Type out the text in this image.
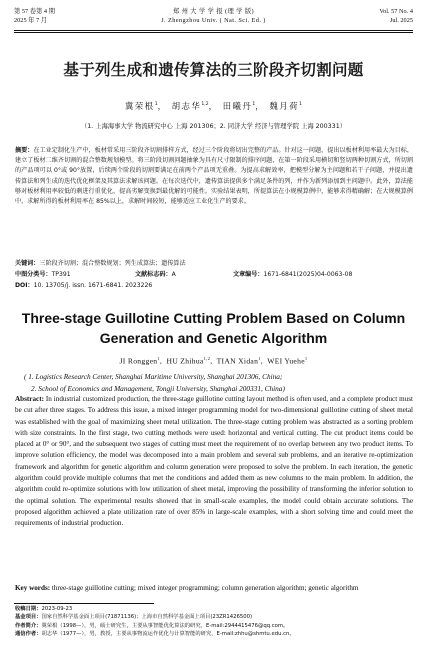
第 57 卷第 4 期
2025 年 7 月
郑 州 大 学 学 报 (理 学 版)
J. Zhengzhou Univ. ( Nat. Sci. Ed. )
Vol. 57 No. 4
Jul. 2025
基于列生成和遗传算法的三阶段齐切割问题
冀荣根$^1$， 胡志华$^{1,2}$， 田曦丹$^1$， 魏月荷$^1$
（1. 上海海事大学 物流研究中心 上海 201306；2. 同济大学 经济与管理学院 上海 200331）
摘要：在工业定制化生产中，板材常采用三阶段齐切割排样方式，经过三个阶段将切出完整的产品。针对这一问题，提出以板材利用率最大为目标，建立了板材二维齐切割的混合整数规划模型。将三阶段切割问题抽象为具有尺寸限制的排序问题，在第一阶段采用横切和竖切两种切割方式，所切割的产品项可以 0°或 90°放置，后续两个阶段的切割要满足在前两个产品项无重叠。为提高求解效率，把模型分解为主问题和若干子问题，并提出遗传算法和列生成的迭代优化框架及其算法求解该问题。在每次迭代中，遗传算法提供多个满足条件的列，并作为新列添加到主问题中。此外，算法能够对板材利用率较低的剩进行重优化，提高劣解变换到最优解的可能性。实验结果表明，所提算法在小规模算例中，能够求得精确解；在大规模算例中，求解所得的板材利用率在 85%以上，求解时间较短，能够适应工业化生产的要求。
关键词：三阶段齐切割；混合整数规划；列生成算法；遗传算法
中图分类号：TP391	文献标志码：A	文章编号：1671-6841(2025)04-0063-08
DOI：10. 13705/j. issn. 1671-6841. 2023226
Three-stage Guillotine Cutting Problem Based on Column
Generation and Genetic Algorithm
JI Ronggen$^1$,  HU Zhihua$^{1,2}$,  TIAN Xidan$^1$,  WEI Yuehe$^1$
( 1. Logistics Research Center, Shanghai Maritime University, Shanghai 201306, China;
2. School of Economics and Management, Tongji University, Shanghai 200331, China)
Abstract: In industrial customized production, the three-stage guillotine cutting layout method is often used, and a complete product must be cut after three stages. To address this issue, a mixed integer programming model for two-dimensional guillotine cutting of sheet metal was established with the goal of maximizing sheet metal utilization. The three-stage cutting problem was abstracted as a sorting problem with size constraints. In the first stage, two cutting methods were used: horizontal and vertical cutting. The cut product items could be placed at 0° or 90°, and the subsequent two stages of cutting must meet the requirement of no overlap between any two product items. To improve solution efficiency, the model was decomposed into a main problem and several sub problems, and an iterative re-optimization framework and algorithm for genetic algorithm and column generation were proposed to solve the problem. In each iteration, the genetic algorithm could provide multiple columns that met the conditions and added them as new columns to the main problem. In addition, the algorithm could re-optimize solutions with low utilization of sheet metal, improving the possibility of transforming the inferior solution to the optimal solution. The experimental results showed that in small-scale examples, the model could obtain accurate solutions. The proposed algorithm achieved a plate utilization rate of over 85% in large-scale examples, with a short solving time and could meet the requirements of industrial production.
Key words: three-stage guillotine cutting; mixed integer programming; column generation algorithm; genetic algorithm
收稿日期：2023-09-23
基金项目：国家自然科学基金面上项目(71871136)；上海市自然科学基金面上项目(23ZR1426500)
作者简介：冀荣根（1998—），男，硕士研究生，主要从事智能优化算法的研究，E-mail:2944415476@qq.com。
通信作者：胡志华（1977—），男，教授，主要从事物流运作优化与计算智能的研究，E-mail:zhhu@shmtu.edu.cn。
